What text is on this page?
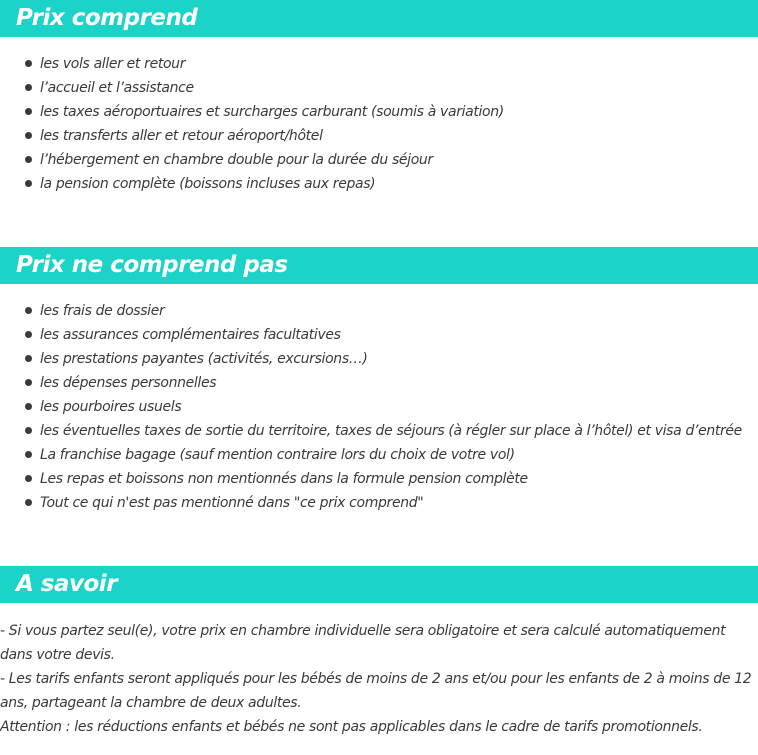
Prix comprend
les vols aller et retour
l’accueil et l’assistance
les taxes aéroportuaires et surcharges carburant (soumis à variation)
les transferts aller et retour aéroport/hôtel
l’hébergement en chambre double pour la durée du séjour
la pension complète (boissons incluses aux repas)
Prix ne comprend pas
les frais de dossier
les assurances complémentaires facultatives
les prestations payantes (activités, excursions…)
les dépenses personnelles
les pourboires usuels
les éventuelles taxes de sortie du territoire, taxes de séjours (à régler sur place à l’hôtel) et visa d’entrée
La franchise bagage (sauf mention contraire lors du choix de votre vol)
Les repas et boissons non mentionnés dans la formule pension complète
Tout ce qui n'est pas mentionné dans "ce prix comprend"
A savoir

- Si vous partez seul(e), votre prix en chambre individuelle sera obligatoire et sera calculé automatiquement dans votre devis.

- Les tarifs enfants seront appliqués pour les bébés de moins de 2 ans et/ou pour les enfants de 2 à moins de 12 ans, partageant la chambre de deux adultes.

Attention : les réductions enfants et bébés ne sont pas applicables dans le cadre de tarifs promotionnels.
